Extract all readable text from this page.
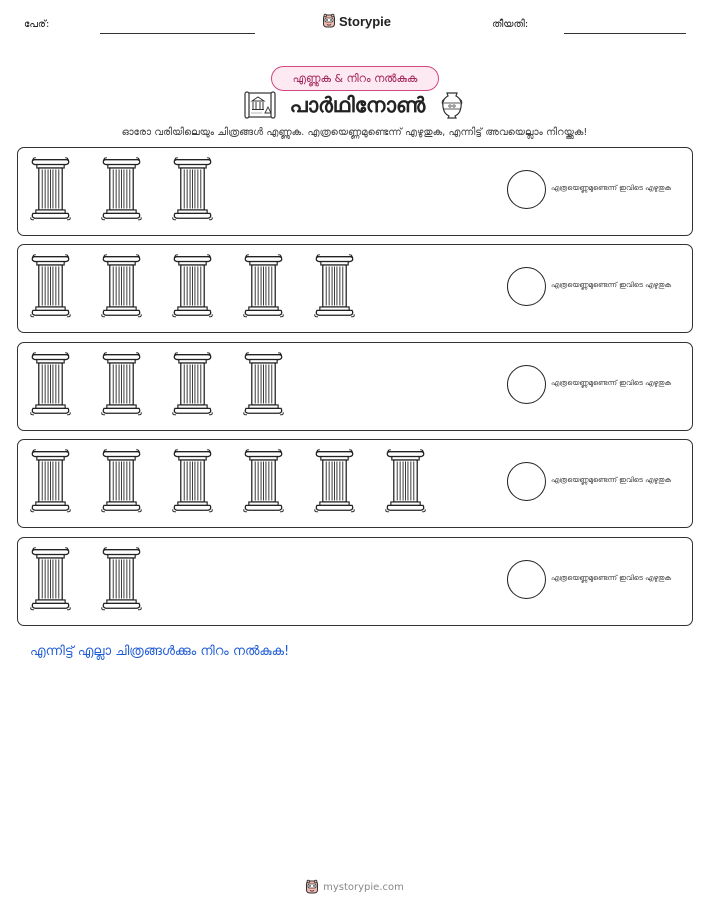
പേര്:	Storypie	തീയതി:
എണ്ണുക & നിറം നൽകുക
പാർഥിനോൺ

ഓരോ വരിയിലെയും ചിത്രങ്ങൾ എണ്ണുക. എത്രയെണ്ണമുണ്ടെന്ന് എഴുതുക, എന്നിട്ട് അവയെല്ലാം നിറയ്ക്കുക!

എത്രയെണ്ണമുണ്ടെന്ന് ഇവിടെ എഴുതുക
എത്രയെണ്ണമുണ്ടെന്ന് ഇവിടെ എഴുതുക
എത്രയെണ്ണമുണ്ടെന്ന് ഇവിടെ എഴുതുക
എത്രയെണ്ണമുണ്ടെന്ന് ഇവിടെ എഴുതുക
എത്രയെണ്ണമുണ്ടെന്ന് ഇവിടെ എഴുതുക

എന്നിട്ട് എല്ലാ ചിത്രങ്ങൾക്കും നിറം നൽകുക!

mystorypie.com
